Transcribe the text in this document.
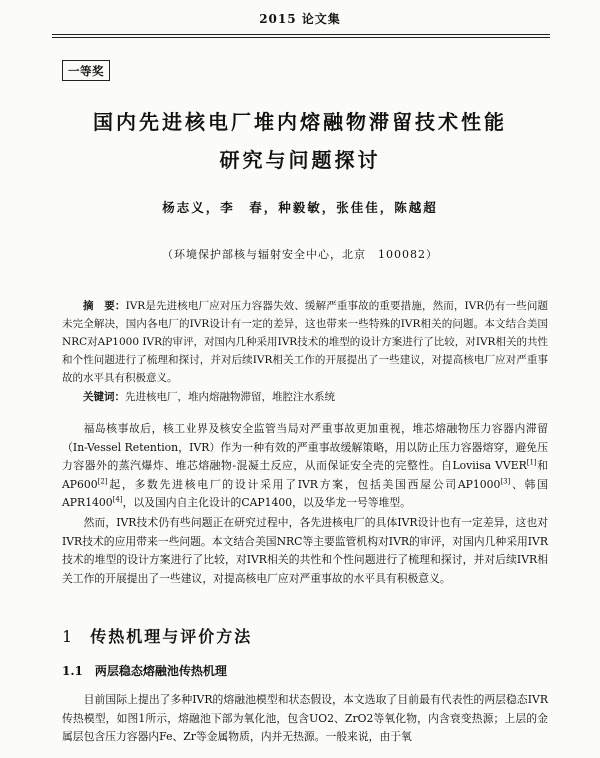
2015 论文集
一等奖
国内先进核电厂堆内熔融物滞留技术性能
研究与问题探讨
杨志义，李　春，种毅敏，张佳佳，陈越超
（环境保护部核与辐射安全中心，北京　100082）

摘　要：IVR是先进核电厂应对压力容器失效、缓解严重事故的重要措施，然而，IVR仍有一些问题未完全解决，国内各电厂的IVR设计有一定的差异，这也带来一些特殊的IVR相关的问题。本文结合美国NRC对AP1000 IVR的审评，对国内几种采用IVR技术的堆型的设计方案进行了比较，对IVR相关的共性和个性问题进行了梳理和探讨，并对后续IVR相关工作的开展提出了一些建议，对提高核电厂应对严重事故的水平具有积极意义。

关键词：先进核电厂，堆内熔融物滞留，堆腔注水系统

福岛核事故后，核工业界及核安全监管当局对严重事故更加重视，堆芯熔融物压力容器内滞留（In-Vessel Retention，IVR）作为一种有效的严重事故缓解策略，用以防止压力容器熔穿，避免压力容器外的蒸汽爆炸、堆芯熔融物-混凝土反应，从而保证安全壳的完整性。自Loviisa VVER[1]和AP600[2]起，多数先进核电厂的设计采用了IVR方案，包括美国西屋公司AP1000[3]、韩国APR1400[4]，以及国内自主化设计的CAP1400，以及华龙一号等堆型。

然而，IVR技术仍有些问题正在研究过程中，各先进核电厂的具体IVR设计也有一定差异，这也对IVR技术的应用带来一些问题。本文结合美国NRC等主要监管机构对IVR的审评，对国内几种采用IVR技术的堆型的设计方案进行了比较，对IVR相关的共性和个性问题进行了梳理和探讨，并对后续IVR相关工作的开展提出了一些建议，对提高核电厂应对严重事故的水平具有积极意义。

1 传热机理与评价方法
1.1 两层稳态熔融池传热机理

目前国际上提出了多种IVR的熔融池模型和状态假设，本文选取了目前最有代表性的两层稳态IVR传热模型，如图1所示，熔融池下部为氧化池，包含UO2、ZrO2等氧化物，内含衰变热源；上层的金属层包含压力容器内Fe、Zr等金属物质，内并无热源。一般来说，由于氧
